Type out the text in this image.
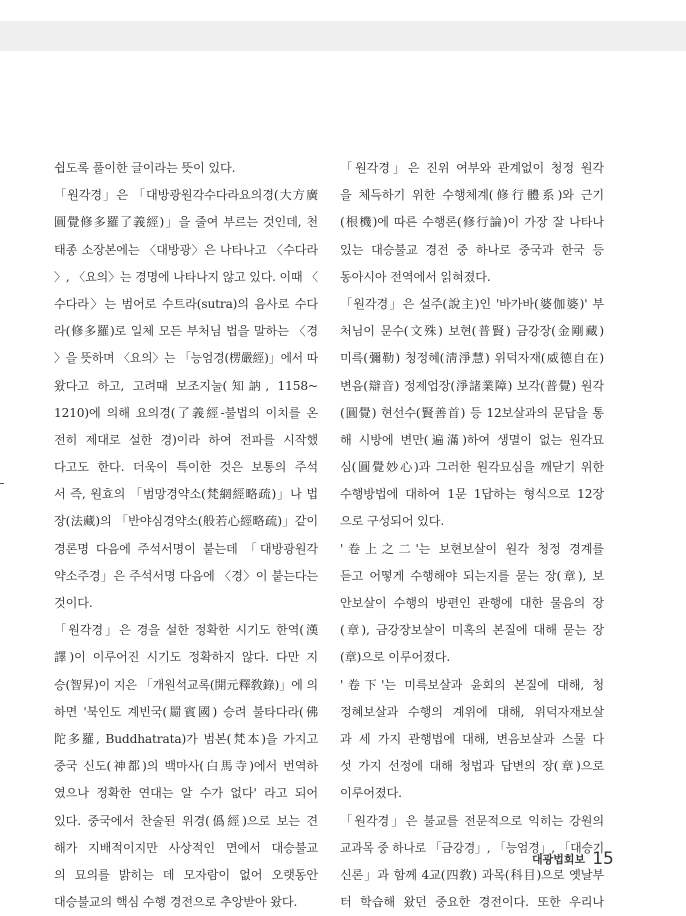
쉽도록 풀이한 글이라는 뜻이 있다.
「원각경」은 「대방광원각수다라요의경(大方廣
圓覺修多羅了義經)」을 줄여 부르는 것인데, 천
태종 소장본에는 〈대방광〉은 나타나고 〈수다라
〉, 〈요의〉는 경명에 나타나지 않고 있다. 이때 〈
수다라〉는 범어로 수트라(sutra)의 음사로 수다
라(修多羅)로 일체 모든 부처님 법을 말하는 〈경
〉을 뜻하며 〈요의〉는 「능엄경(楞嚴經)」에서 따
왔다고 하고, 고려때 보조지눌(知訥, 1158~
1210)에 의해 요의경(了義經-불법의 이치를 온
전히 제대로 설한 경)이라 하여 전파를 시작했
다고도 한다. 더욱이 특이한 것은 보통의 주석
서 즉, 원효의 「범망경약소(梵網經略疏)」나 법
장(法藏)의 「반야심경약소(般若心經略疏)」같이
경론명 다음에 주석서명이 붙는데 「대방광원각
약소주경」은 주석서명 다음에 〈경〉이 붙는다는
것이다.
「원각경」은 경을 설한 정확한 시기도 한역(漢
譯)이 이루어진 시기도 정확하지 않다. 다만 지
승(智昇)이 지은 「개원석교록(開元釋敎錄)」에 의
하면 '북인도 계빈국(罽賓國) 승려 불타다라(佛
陀多羅, Buddhatrata)가 범본(梵本)을 가지고
중국 신도(神都)의 백마사(白馬寺)에서 번역하
였으나 정확한 연대는 알 수가 없다' 라고 되어
있다. 중국에서 찬술된 위경(僞經)으로 보는 견
해가 지배적이지만 사상적인 면에서 대승불교
의 묘의를 밝히는 데 모자람이 없어 오랫동안
대승불교의 핵심 수행 경전으로 추앙받아 왔다.
「원각경」은 진위 여부와 관계없이 청정 원각
을 체득하기 위한 수행체계(修行體系)와 근기
(根機)에 따른 수행론(修行論)이 가장 잘 나타나
있는 대승불교 경전 중 하나로 중국과 한국 등
동아시아 전역에서 읽혀졌다.
「원각경」은 설주(說主)인 '바가바(婆伽婆)' 부
처님이 문수(文殊) 보현(普賢) 금강장(金剛藏)
미륵(彌勒) 청정혜(淸淨慧) 위덕자재(威德自在)
변음(辯音) 정제업장(淨諸業障) 보각(普覺) 원각
(圓覺) 현선수(賢善首) 등 12보살과의 문답을 통
해 시방에 변만(遍滿)하여 생멸이 없는 원각묘
심(圓覺妙心)과 그러한 원각묘심을 깨닫기 위한
수행방법에 대하여 1문 1답하는 형식으로 12장
으로 구성되어 있다.
'卷上之二'는 보현보살이 원각 청정 경계를
듣고 어떻게 수행해야 되는지를 묻는 장(章), 보
안보살이 수행의 방편인 관행에 대한 물음의 장
(章), 금강장보살이 미혹의 본질에 대해 묻는 장
(章)으로 이루어졌다.
'卷下'는 미륵보살과 윤회의 본질에 대해, 청
정혜보살과 수행의 계위에 대해, 위덕자재보살
과 세 가지 관행법에 대해, 변음보살과 스물 다
섯 가지 선정에 대해 청법과 답변의 장(章)으로
이루어졌다.
「원각경」은 불교를 전문적으로 익히는 강원의
교과목 중 하나로 「금강경」, 「능엄경」, 「대승기
신론」과 함께 4교(四敎) 과목(科目)으로 옛날부
터 학습해 왔던 중요한 경전이다. 또한 우리나
대광법회보 15
